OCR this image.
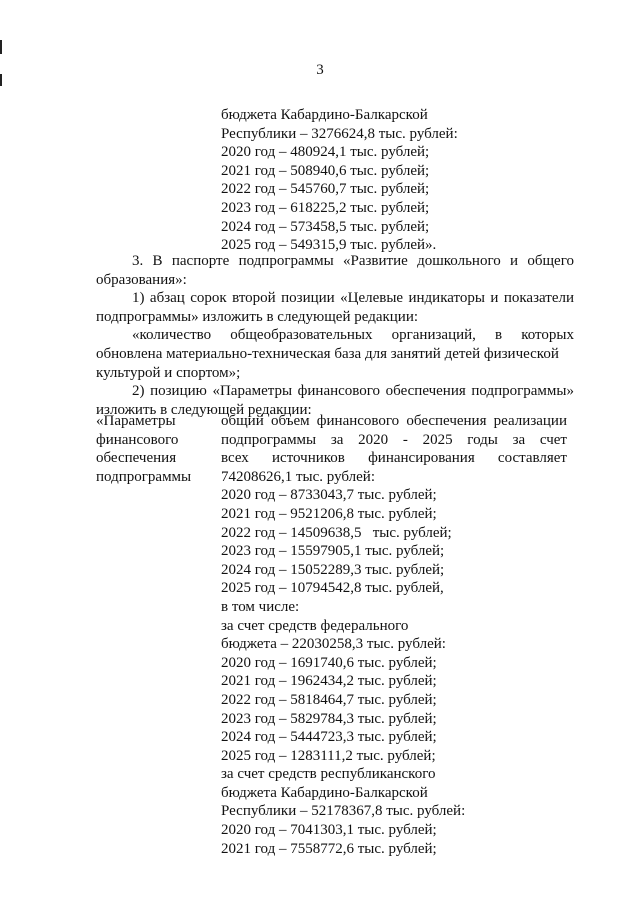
3
бюджета Кабардино-Балкарской
Республики – 3276624,8 тыс. рублей:
2020 год – 480924,1 тыс. рублей;
2021 год – 508940,6 тыс. рублей;
2022 год – 545760,7 тыс. рублей;
2023 год – 618225,2 тыс. рублей;
2024 год – 573458,5 тыс. рублей;
2025 год – 549315,9 тыс. рублей».
3. В паспорте подпрограммы «Развитие дошкольного и общего
образования»:
1) абзац сорок второй позиции «Целевые индикаторы и показатели
подпрограммы» изложить в следующей редакции:
«количество общеобразовательных организаций, в которых
обновлена материально-техническая база для занятий детей физической
культурой и спортом»;
2) позицию «Параметры финансового обеспечения подпрограммы»
изложить в следующей редакции:
«Параметры
финансового
обеспечения
подпрограммы
общий объем финансового обеспечения реализации
подпрограммы за 2020 - 2025 годы за счет
всех источников финансирования составляет
74208626,1 тыс. рублей:
2020 год – 8733043,7 тыс. рублей;
2021 год – 9521206,8 тыс. рублей;
2022 год – 14509638,5   тыс. рублей;
2023 год – 15597905,1 тыс. рублей;
2024 год – 15052289,3 тыс. рублей;
2025 год – 10794542,8 тыс. рублей,
в том числе:
за счет средств федерального
бюджета – 22030258,3 тыс. рублей:
2020 год – 1691740,6 тыс. рублей;
2021 год – 1962434,2 тыс. рублей;
2022 год – 5818464,7 тыс. рублей;
2023 год – 5829784,3 тыс. рублей;
2024 год – 5444723,3 тыс. рублей;
2025 год – 1283111,2 тыс. рублей;
за счет средств республиканского
бюджета Кабардино-Балкарской
Республики – 52178367,8 тыс. рублей:
2020 год – 7041303,1 тыс. рублей;
2021 год – 7558772,6 тыс. рублей;
